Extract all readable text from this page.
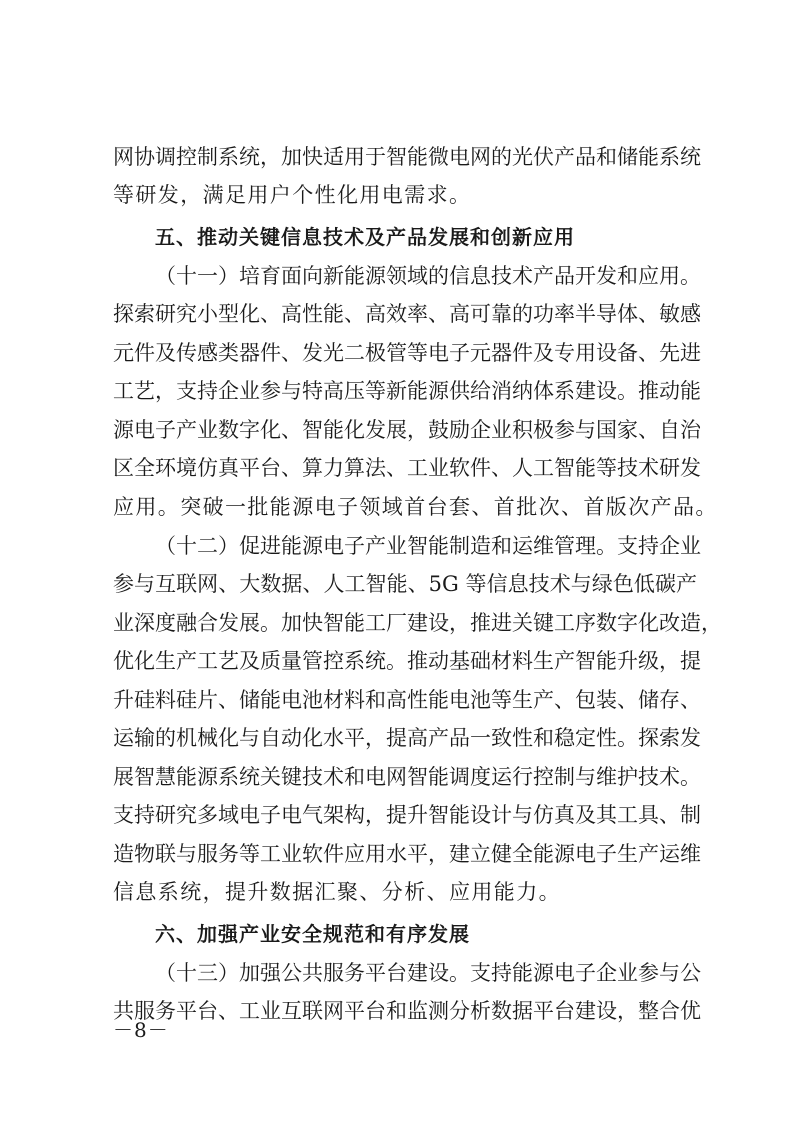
网协调控制系统，加快适用于智能微电网的光伏产品和储能系统
等研发，满足用户个性化用电需求。
五、推动关键信息技术及产品发展和创新应用
（十一）培育面向新能源领域的信息技术产品开发和应用。
探索研究小型化、高性能、高效率、高可靠的功率半导体、敏感
元件及传感类器件、发光二极管等电子元器件及专用设备、先进
工艺，支持企业参与特高压等新能源供给消纳体系建设。推动能
源电子产业数字化、智能化发展，鼓励企业积极参与国家、自治
区全环境仿真平台、算力算法、工业软件、人工智能等技术研发
应用。突破一批能源电子领域首台套、首批次、首版次产品。
（十二）促进能源电子产业智能制造和运维管理。支持企业
参与互联网、大数据、人工智能、5G 等信息技术与绿色低碳产
业深度融合发展。加快智能工厂建设，推进关键工序数字化改造，
优化生产工艺及质量管控系统。推动基础材料生产智能升级，提
升硅料硅片、储能电池材料和高性能电池等生产、包装、储存、
运输的机械化与自动化水平，提高产品一致性和稳定性。探索发
展智慧能源系统关键技术和电网智能调度运行控制与维护技术。
支持研究多域电子电气架构，提升智能设计与仿真及其工具、制
造物联与服务等工业软件应用水平，建立健全能源电子生产运维
信息系统，提升数据汇聚、分析、应用能力。
六、加强产业安全规范和有序发展
（十三）加强公共服务平台建设。支持能源电子企业参与公
共服务平台、工业互联网平台和监测分析数据平台建设，整合优
－8－
